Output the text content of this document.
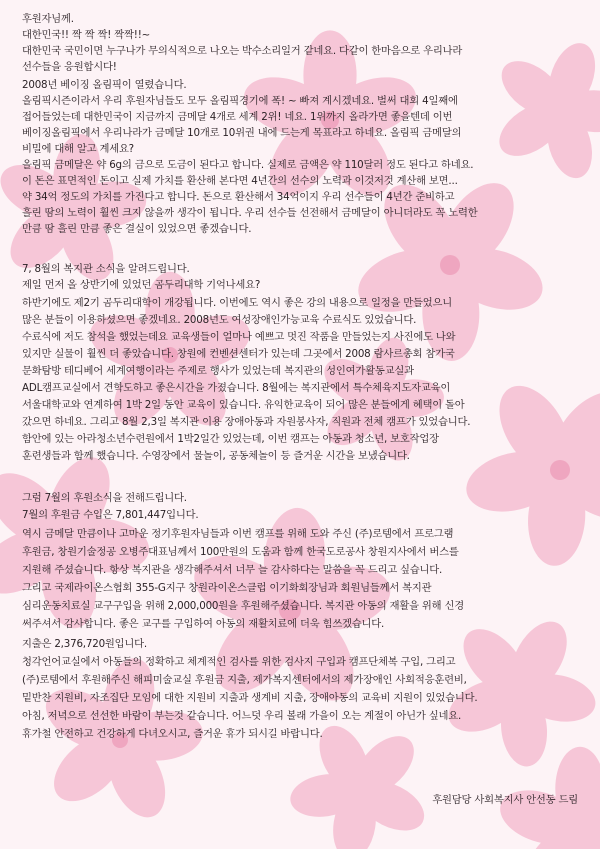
후원자님께.
대한민국!! 짝 짝 짝! 짝짝!!~
대한민국 국민이면 누구나가 무의식적으로 나오는 박수소리일거 같네요. 다같이 한마음으로 우리나라
선수들을 응원합시다!
2008년 베이징 올림픽이 열렸습니다.
올림픽시즌이라서 우리 후원자님들도 모두 올림픽경기에 폭! ~ 빠져 계시겠네요. 벌써 대회 4일째에
접어들었는데 대한민국이 지금까지 금메달 4개로 세계 2위! 네요. 1위까지 올라가면 좋을텐데 이번
베이징올림픽에서 우리나라가 금메달 10개로 10위권 내에 드는게 목표라고 하네요. 올림픽 금메달의
비밀에 대해 알고 계세요?
올림픽 금메달은 약 6g의 금으로 도금이 된다고 합니다. 실제로 금액은 약 110달러 정도 된다고 하네요.
이 돈은 표면적인 돈이고 실제 가치를 환산해 본다면 4년간의 선수의 노력과 이것저것 계산해 보면...
약 34억 정도의 가치를 가진다고 합니다. 돈으로 환산해서 34억이지 우리 선수들이 4년간 준비하고
흘린 땀의 노력이 훨씬 크지 않을까 생각이 됩니다. 우리 선수들 선전해서 금메달이 아니더라도 꼭 노력한
만큼 땀 흘린 만큼 좋은 결실이 있었으면 좋겠습니다.
7, 8월의 복지관 소식을 알려드립니다.
제일 먼저 올 상반기에 있었던 곰두리대학 기억나세요?
하반기에도 제2기 곰두리대학이 개강됩니다. 이번에도 역시 좋은 강의 내용으로 일정을 만들었으니
많은 분들이 이용하셨으면 좋겠네요. 2008년도 여성장애인가능교육 수료식도 있었습니다.
수료식에 저도 참석을 했었는데요 교육생들이 얼마나 예쁘고 멋진 작품을 만들었는지 사진에도 나와
있지만 실물이 훨씬 더 좋았습니다. 창원에 컨벤션센터가 있는데 그곳에서 2008 람사르총회 참가국
문화탐방 테디베어 세계여행이라는 주제로 행사가 있었는데 복지관의 성인여가활동교실과
ADL캠프교실에서 견학도하고 좋은시간을 가졌습니다. 8월에는 복지관에서 특수체육지도자교육이
서울대학교와 연계하여 1박 2일 동안 교육이 있습니다. 유익한교육이 되어 많은 분들에게 혜택이 돌아
갔으면 하네요. 그리고 8월 2,3일 복지관 이용 장애아동과 자원봉사자, 직원과 전체 캠프가 있었습니다.
함안에 있는 아라청소년수련원에서 1박2일간 있었는데, 이번 캠프는 아동과 청소년, 보호작업장
훈련생들과 함께 했습니다. 수영장에서 물놀이, 공동체놀이 등 즐거운 시간을 보냈습니다.
그럼 7월의 후원소식을 전해드립니다.
7월의 후원금 수입은 7,801,447입니다.
역시 금메달 만큼이나 고마운 정기후원자님들과 이번 캠프를 위해 도와 주신 (주)로템에서 프로그램
후원금, 창원기술정공 오병주대표님께서 100만원의 도움과 함께 한국도로공사 창원지사에서 버스를
지원해 주셨습니다. 항상 복지관을 생각해주셔서 너무 늘 감사하다는 말씀을 꼭 드리고 싶습니다.
그리고 국제라이온스협회 355-G지구 창원라이온스클럽 이기화회장님과 회원님들께서 복지관
심리운동치료실 교구구입을 위해 2,000,000원을 후원해주셨습니다. 복지관 아동의 재활을 위해 신경
써주셔서 감사합니다. 좋은 교구를 구입하여 아동의 재활치료에 더욱 힘쓰겠습니다.
지출은 2,376,720원입니다.
청각언어교실에서 아동들의 정확하고 체계적인 검사를 위한 검사지 구입과 캠프단체복 구입, 그리고
(주)로템에서 후원해주신 해피미술교실 후원금 지출, 제가복지센터에서의 제가장애인 사회적응훈련비,
밑반찬 지원비, 자조집단 모임에 대한 지원비 지출과 생계비 지출, 장애아동의 교육비 지원이 있었습니다.
아침, 저녁으로 선선한 바람이 부는것 같습니다. 어느덧 우리 볼래 가을이 오는 계절이 아닌가 싶네요.
휴가철 안전하고 건강하게 다녀오시고, 즐거운 휴가 되시길 바랍니다.
후원담당 사회복지사 안선동 드림
